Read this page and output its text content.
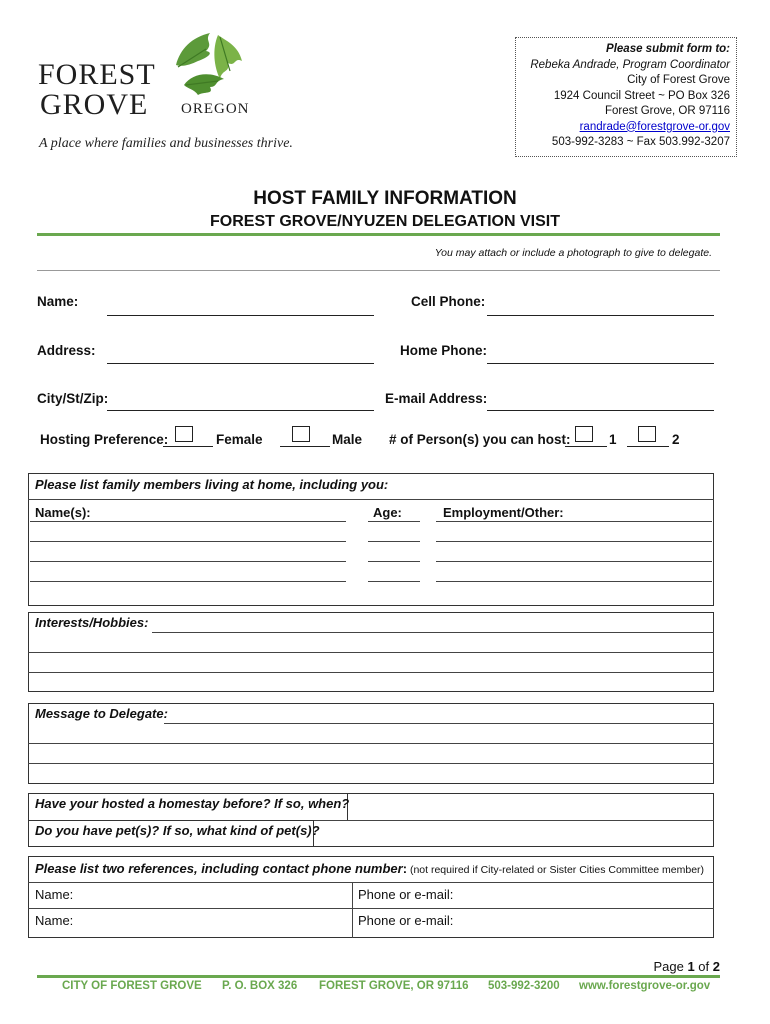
FOREST
GROVE OREGON
A place where families and businesses thrive.
Please submit form to:
Rebeka Andrade, Program Coordinator
City of Forest Grove
1924 Council Street ~ PO Box 326
Forest Grove, OR 97116
randrade@forestgrove-or.gov
503-992-3283 ~ Fax 503.992-3207
HOST FAMILY INFORMATION
FOREST GROVE/NYUZEN DELEGATION VISIT
You may attach or include a photograph to give to delegate.
Name:	Cell Phone:
Address:	Home Phone:
City/St/Zip:	E-mail Address:
Hosting Preference:	Female	Male # of Person(s) you can host:	1	2
Please list family members living at home, including you:
Name(s):	Age:	Employment/Other:
Interests/Hobbies:
Message to Delegate:
Have your hosted a homestay before? If so, when?
Do you have pet(s)? If so, what kind of pet(s)?
Please list two references, including contact phone number: (not required if City-related or Sister Cities Committee member)
Name:	Phone or e-mail:
Name:	Phone or e-mail:
Page 1 of 2
CITY OF FOREST GROVE P. O. BOX 326 FOREST GROVE, OR 97116 503-992-3200 www.forestgrove-or.gov
